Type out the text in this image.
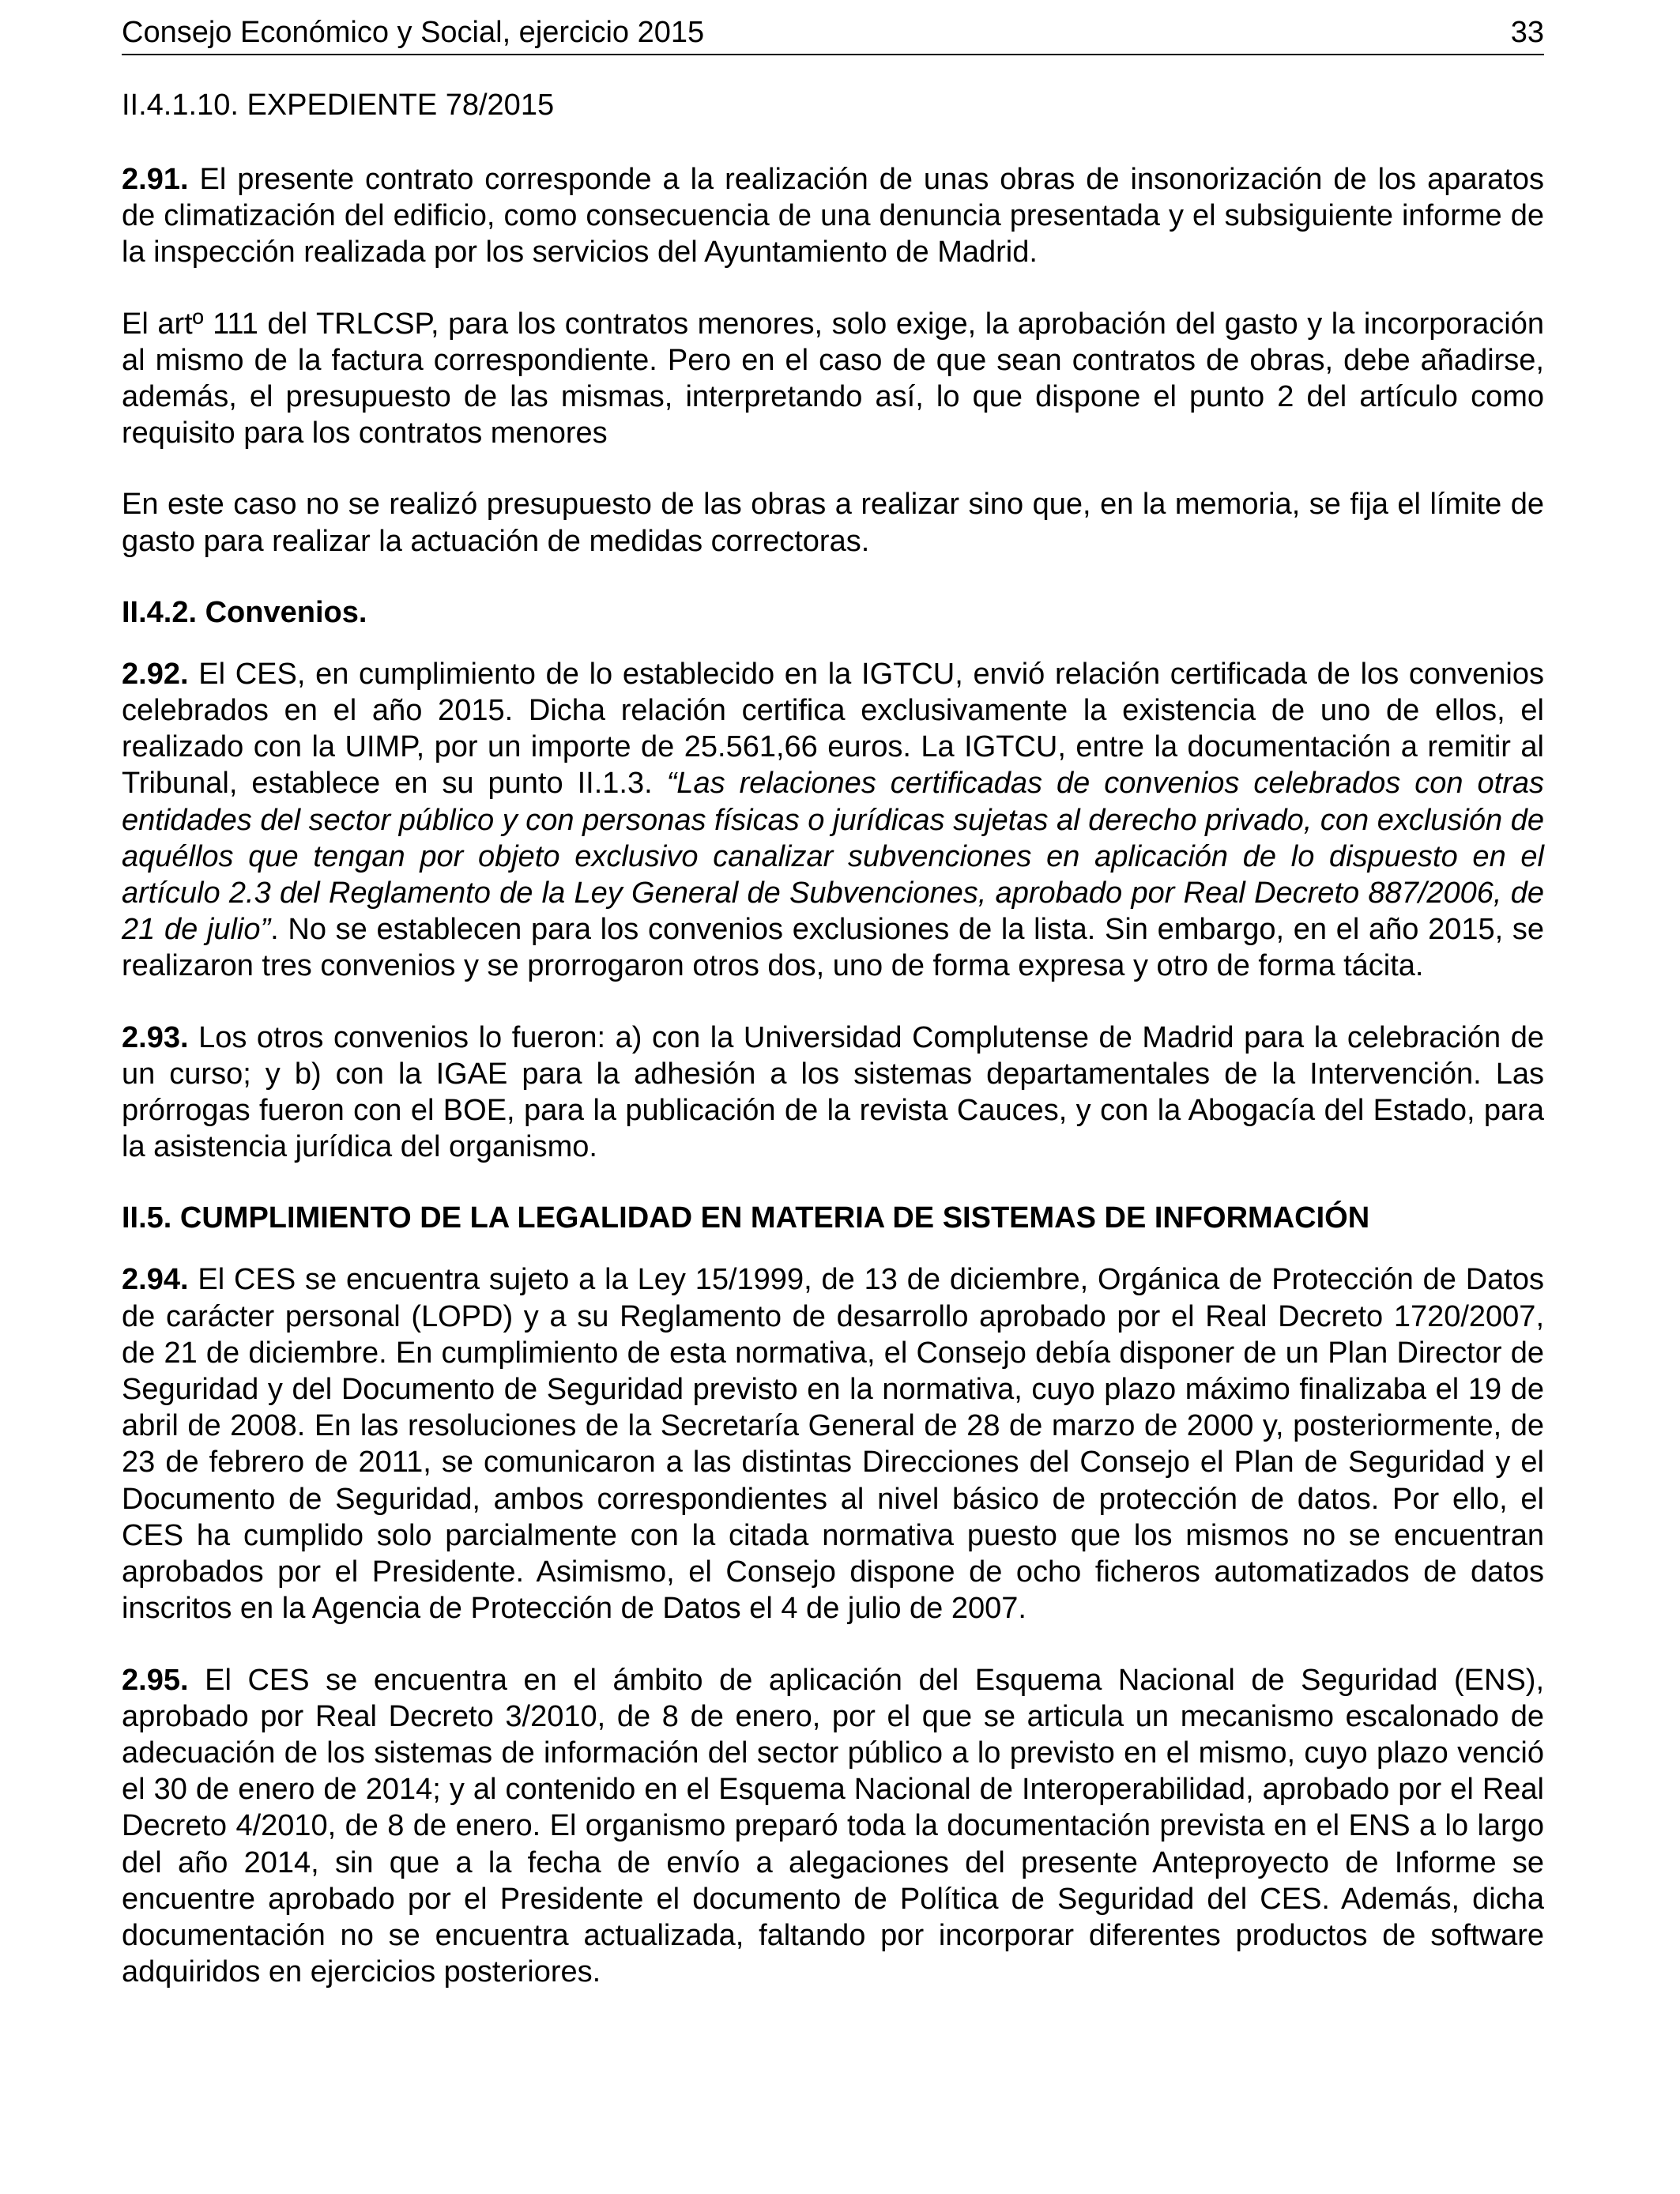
Consejo Económico y Social, ejercicio 2015	33
II.4.1.10. EXPEDIENTE 78/2015

2.91. El presente contrato corresponde a la realización de unas obras de insonorización de los aparatos de climatización del edificio, como consecuencia de una denuncia presentada y el subsiguiente informe de la inspección realizada por los servicios del Ayuntamiento de Madrid.

El artº 111 del TRLCSP, para los contratos menores, solo exige, la aprobación del gasto y la incorporación al mismo de la factura correspondiente. Pero en el caso de que sean contratos de obras, debe añadirse, además, el presupuesto de las mismas, interpretando así, lo que dispone el punto 2 del artículo como requisito para los contratos menores

En este caso no se realizó presupuesto de las obras a realizar sino que, en la memoria, se fija el límite de gasto para realizar la actuación de medidas correctoras.

II.4.2. Convenios.

2.92. El CES, en cumplimiento de lo establecido en la IGTCU, envió relación certificada de los convenios celebrados en el año 2015. Dicha relación certifica exclusivamente la existencia de uno de ellos, el realizado con la UIMP, por un importe de 25.561,66 euros. La IGTCU, entre la documentación a remitir al Tribunal, establece en su punto II.1.3. “Las relaciones certificadas de convenios celebrados con otras entidades del sector público y con personas físicas o jurídicas sujetas al derecho privado, con exclusión de aquéllos que tengan por objeto exclusivo canalizar subvenciones en aplicación de lo dispuesto en el artículo 2.3 del Reglamento de la Ley General de Subvenciones, aprobado por Real Decreto 887/2006, de 21 de julio”. No se establecen para los convenios exclusiones de la lista. Sin embargo, en el año 2015, se realizaron tres convenios y se prorrogaron otros dos, uno de forma expresa y otro de forma tácita.

2.93. Los otros convenios lo fueron: a) con la Universidad Complutense de Madrid para la celebración de un curso; y b) con la IGAE para la adhesión a los sistemas departamentales de la Intervención. Las prórrogas fueron con el BOE, para la publicación de la revista Cauces, y con la Abogacía del Estado, para la asistencia jurídica del organismo.

II.5. CUMPLIMIENTO DE LA LEGALIDAD EN MATERIA DE SISTEMAS DE INFORMACIÓN

2.94. El CES se encuentra sujeto a la Ley 15/1999, de 13 de diciembre, Orgánica de Protección de Datos de carácter personal (LOPD) y a su Reglamento de desarrollo aprobado por el Real Decreto 1720/2007, de 21 de diciembre. En cumplimiento de esta normativa, el Consejo debía disponer de un Plan Director de Seguridad y del Documento de Seguridad previsto en la normativa, cuyo plazo máximo finalizaba el 19 de abril de 2008. En las resoluciones de la Secretaría General de 28 de marzo de 2000 y, posteriormente, de 23 de febrero de 2011, se comunicaron a las distintas Direcciones del Consejo el Plan de Seguridad y el Documento de Seguridad, ambos correspondientes al nivel básico de protección de datos. Por ello, el CES ha cumplido solo parcialmente con la citada normativa puesto que los mismos no se encuentran aprobados por el Presidente. Asimismo, el Consejo dispone de ocho ficheros automatizados de datos inscritos en la Agencia de Protección de Datos el 4 de julio de 2007.

2.95. El CES se encuentra en el ámbito de aplicación del Esquema Nacional de Seguridad (ENS), aprobado por Real Decreto 3/2010, de 8 de enero, por el que se articula un mecanismo escalonado de adecuación de los sistemas de información del sector público a lo previsto en el mismo, cuyo plazo venció el 30 de enero de 2014; y al contenido en el Esquema Nacional de Interoperabilidad, aprobado por el Real Decreto 4/2010, de 8 de enero. El organismo preparó toda la documentación prevista en el ENS a lo largo del año 2014, sin que a la fecha de envío a alegaciones del presente Anteproyecto de Informe se encuentre aprobado por el Presidente el documento de Política de Seguridad del CES. Además, dicha documentación no se encuentra actualizada, faltando por incorporar diferentes productos de software adquiridos en ejercicios posteriores.
